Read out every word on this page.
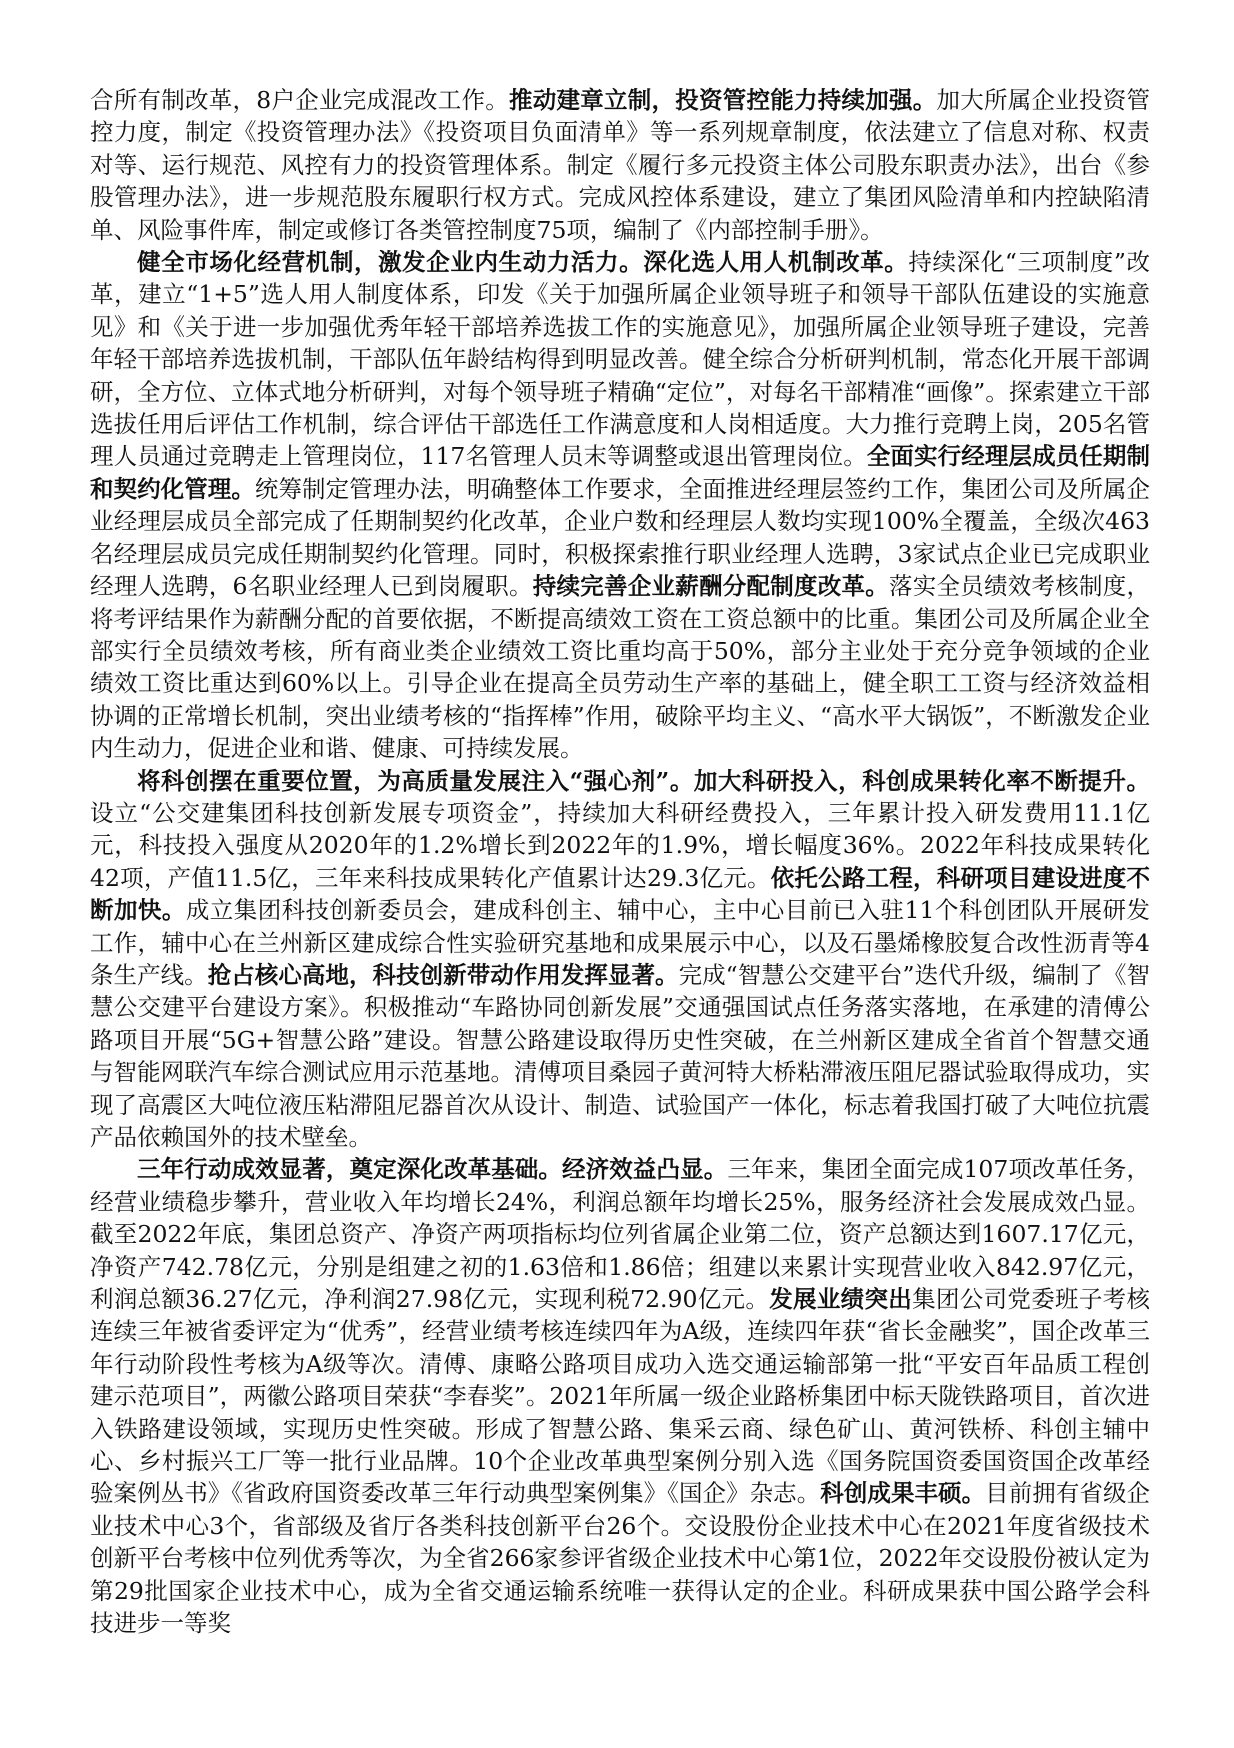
合所有制改革，8户企业完成混改工作。推动建章立制，投资管控能力持续加强。加大所属企业投资管控力度，制定《投资管理办法》《投资项目负面清单》等一系列规章制度，依法建立了信息对称、权责对等、运行规范、风控有力的投资管理体系。制定《履行多元投资主体公司股东职责办法》，出台《参股管理办法》，进一步规范股东履职行权方式。完成风控体系建设，建立了集团风险清单和内控缺陷清单、风险事件库，制定或修订各类管控制度75项，编制了《内部控制手册》。

健全市场化经营机制，激发企业内生动力活力。深化选人用人机制改革。持续深化“三项制度”改革，建立“1+5”选人用人制度体系，印发《关于加强所属企业领导班子和领导干部队伍建设的实施意见》和《关于进一步加强优秀年轻干部培养选拔工作的实施意见》，加强所属企业领导班子建设，完善年轻干部培养选拔机制，干部队伍年龄结构得到明显改善。健全综合分析研判机制，常态化开展干部调研，全方位、立体式地分析研判，对每个领导班子精确“定位”，对每名干部精准“画像”。探索建立干部选拔任用后评估工作机制，综合评估干部选任工作满意度和人岗相适度。大力推行竞聘上岗，205名管理人员通过竞聘走上管理岗位，117名管理人员末等调整或退出管理岗位。全面实行经理层成员任期制和契约化管理。统筹制定管理办法，明确整体工作要求，全面推进经理层签约工作，集团公司及所属企业经理层成员全部完成了任期制契约化改革，企业户数和经理层人数均实现100%全覆盖，全级次463名经理层成员完成任期制契约化管理。同时，积极探索推行职业经理人选聘，3家试点企业已完成职业经理人选聘，6名职业经理人已到岗履职。持续完善企业薪酬分配制度改革。落实全员绩效考核制度，将考评结果作为薪酬分配的首要依据，不断提高绩效工资在工资总额中的比重。集团公司及所属企业全部实行全员绩效考核，所有商业类企业绩效工资比重均高于50%，部分主业处于充分竞争领域的企业绩效工资比重达到60%以上。引导企业在提高全员劳动生产率的基础上，健全职工工资与经济效益相协调的正常增长机制，突出业绩考核的“指挥棒”作用，破除平均主义、“高水平大锅饭”，不断激发企业内生动力，促进企业和谐、健康、可持续发展。

将科创摆在重要位置，为高质量发展注入“强心剂”。加大科研投入，科创成果转化率不断提升。设立“公交建集团科技创新发展专项资金”，持续加大科研经费投入，三年累计投入研发费用11.1亿元，科技投入强度从2020年的1.2%增长到2022年的1.9%，增长幅度36%。2022年科技成果转化42项，产值11.5亿，三年来科技成果转化产值累计达29.3亿元。依托公路工程，科研项目建设进度不断加快。成立集团科技创新委员会，建成科创主、辅中心，主中心目前已入驻11个科创团队开展研发工作，辅中心在兰州新区建成综合性实验研究基地和成果展示中心，以及石墨烯橡胶复合改性沥青等4条生产线。抢占核心高地，科技创新带动作用发挥显著。完成“智慧公交建平台”迭代升级，编制了《智慧公交建平台建设方案》。积极推动“车路协同创新发展”交通强国试点任务落实落地，在承建的清傅公路项目开展“5G+智慧公路”建设。智慧公路建设取得历史性突破，在兰州新区建成全省首个智慧交通与智能网联汽车综合测试应用示范基地。清傅项目桑园子黄河特大桥粘滞液压阻尼器试验取得成功，实现了高震区大吨位液压粘滞阻尼器首次从设计、制造、试验国产一体化，标志着我国打破了大吨位抗震产品依赖国外的技术壁垒。

三年行动成效显著，奠定深化改革基础。经济效益凸显。三年来，集团全面完成107项改革任务，经营业绩稳步攀升，营业收入年均增长24%，利润总额年均增长25%，服务经济社会发展成效凸显。截至2022年底，集团总资产、净资产两项指标均位列省属企业第二位，资产总额达到1607.17亿元，净资产742.78亿元，分别是组建之初的1.63倍和1.86倍；组建以来累计实现营业收入842.97亿元，利润总额36.27亿元，净利润27.98亿元，实现利税72.90亿元。发展业绩突出集团公司党委班子考核连续三年被省委评定为“优秀”，经营业绩考核连续四年为A级，连续四年获“省长金融奖”，国企改革三年行动阶段性考核为A级等次。清傅、康略公路项目成功入选交通运输部第一批“平安百年品质工程创建示范项目”，两徽公路项目荣获“李春奖”。2021年所属一级企业路桥集团中标天陇铁路项目，首次进入铁路建设领域，实现历史性突破。形成了智慧公路、集采云商、绿色矿山、黄河铁桥、科创主辅中心、乡村振兴工厂等一批行业品牌。10个企业改革典型案例分别入选《国务院国资委国资国企改革经验案例丛书》《省政府国资委改革三年行动典型案例集》《国企》杂志。科创成果丰硕。目前拥有省级企业技术中心3个，省部级及省厅各类科技创新平台26个。交设股份企业技术中心在2021年度省级技术创新平台考核中位列优秀等次，为全省266家参评省级企业技术中心第1位，2022年交设股份被认定为第29批国家企业技术中心，成为全省交通运输系统唯一获得认定的企业。科研成果获中国公路学会科技进步一等奖
